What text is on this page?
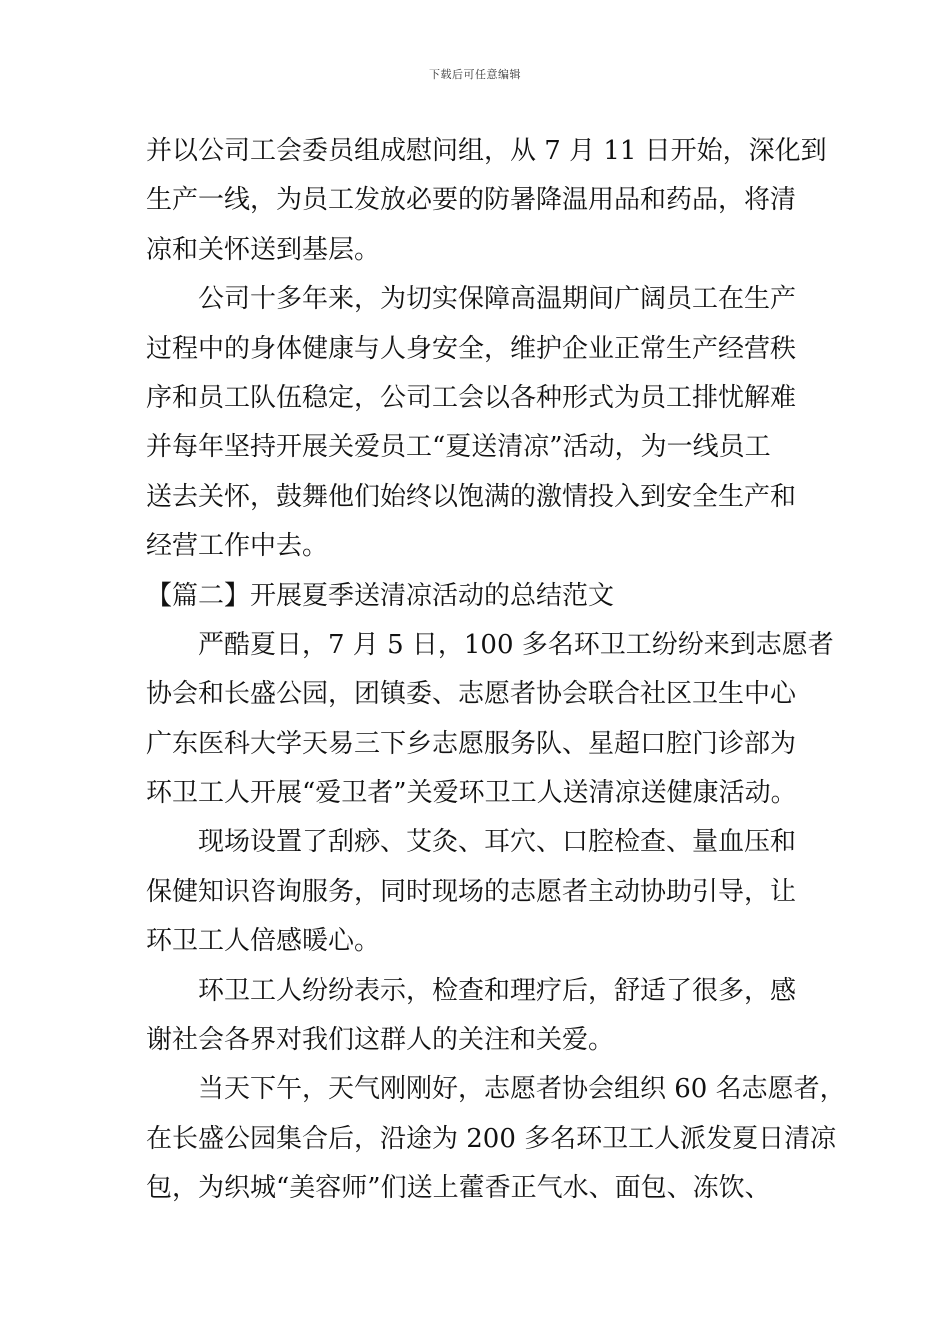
下载后可任意编辑
并以公司工会委员组成慰问组，从 7 月 11 日开始，深化到
生产一线，为员工发放必要的防暑降温用品和药品，将清
凉和关怀送到基层。
公司十多年来，为切实保障高温期间广阔员工在生产
过程中的身体健康与人身安全，维护企业正常生产经营秩
序和员工队伍稳定，公司工会以各种形式为员工排忧解难
并每年坚持开展关爱员工“夏送清凉”活动，为一线员工
送去关怀，鼓舞他们始终以饱满的激情投入到安全生产和
经营工作中去。
【篇二】开展夏季送清凉活动的总结范文
严酷夏日，7 月 5 日，100 多名环卫工纷纷来到志愿者
协会和长盛公园，团镇委、志愿者协会联合社区卫生中心
广东医科大学天易三下乡志愿服务队、星超口腔门诊部为
环卫工人开展“爱卫者”关爱环卫工人送清凉送健康活动。
现场设置了刮痧、艾灸、耳穴、口腔检查、量血压和
保健知识咨询服务，同时现场的志愿者主动协助引导，让
环卫工人倍感暖心。
环卫工人纷纷表示，检查和理疗后，舒适了很多，感
谢社会各界对我们这群人的关注和关爱。
当天下午，天气刚刚好，志愿者协会组织 60 名志愿者，
在长盛公园集合后，沿途为 200 多名环卫工人派发夏日清凉
包，为织城“美容师”们送上藿香正气水、面包、冻饮、
